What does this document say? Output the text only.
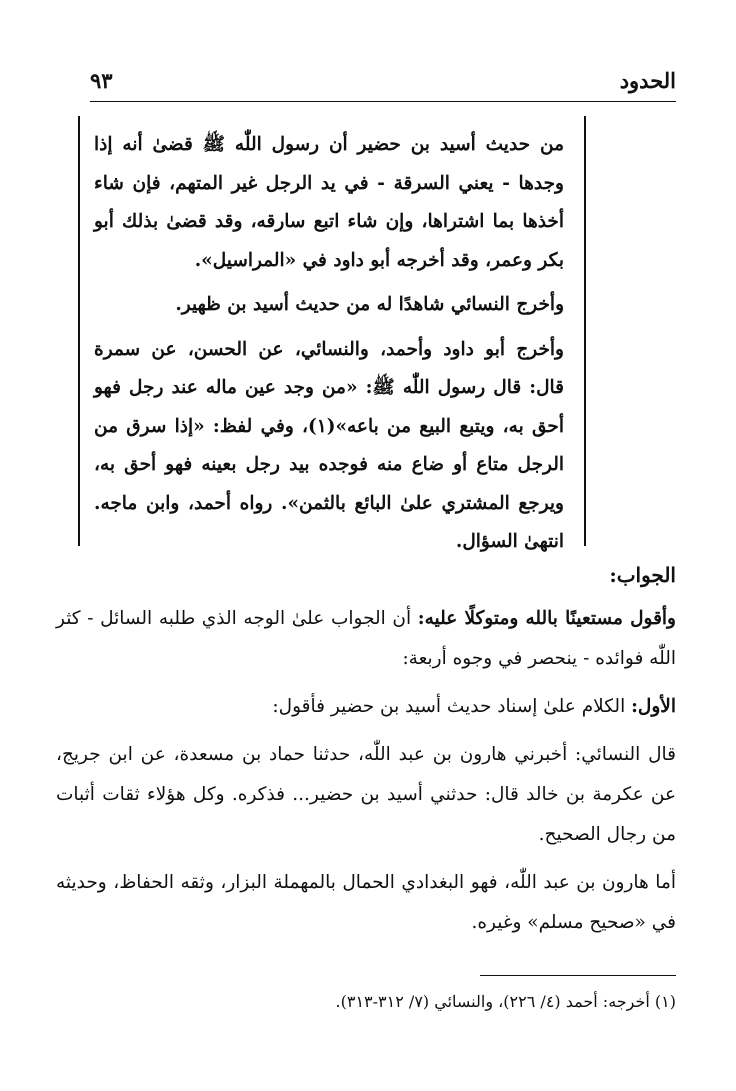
الحدود
٩٣

من حديث أسيد بن حضير أن رسول اللّٰه ﷺ قضىٰ أنه إذا وجدها - يعني السرقة - في يد الرجل غير المتهم، فإن شاء أخذها بما اشتراها، وإن شاء اتبع سارقه، وقد قضىٰ بذلك أبو بكر وعمر، وقد أخرجه أبو داود في «المراسيل».

وأخرج النسائي شاهدًا له من حديث أسيد بن ظهير.

وأخرج أبو داود وأحمد، والنسائي، عن الحسن، عن سمرة قال: قال رسول اللّٰه ﷺ: «من وجد عين ماله عند رجل فهو أحق به، ويتبع البيع من باعه»(١)، وفي لفظ: «إذا سرق من الرجل متاع أو ضاع منه فوجده بيد رجل بعينه فهو أحق به، ويرجع المشتري علىٰ البائع بالثمن». رواه أحمد، وابن ماجه. انتهىٰ السؤال.

الجواب:

وأقول مستعينًا بالله ومتوكلًا عليه: أن الجواب علىٰ الوجه الذي طلبه السائل - كثر اللّٰه فوائده - ينحصر في وجوه أربعة:

الأول: الكلام علىٰ إسناد حديث أسيد بن حضير فأقول:

قال النسائي: أخبرني هارون بن عبد اللّٰه، حدثنا حماد بن مسعدة، عن ابن جريج، عن عكرمة بن خالد قال: حدثني أسيد بن حضير... فذكره. وكل هؤلاء ثقات أثبات من رجال الصحيح.

أما هارون بن عبد اللّٰه، فهو البغدادي الحمال بالمهملة البزار، وثقه الحفاظ، وحديثه في «صحيح مسلم» وغيره.

(١) أخرجه: أحمد (٤/ ٢٢٦)، والنسائي (٧/ ٣١٢-٣١٣).
